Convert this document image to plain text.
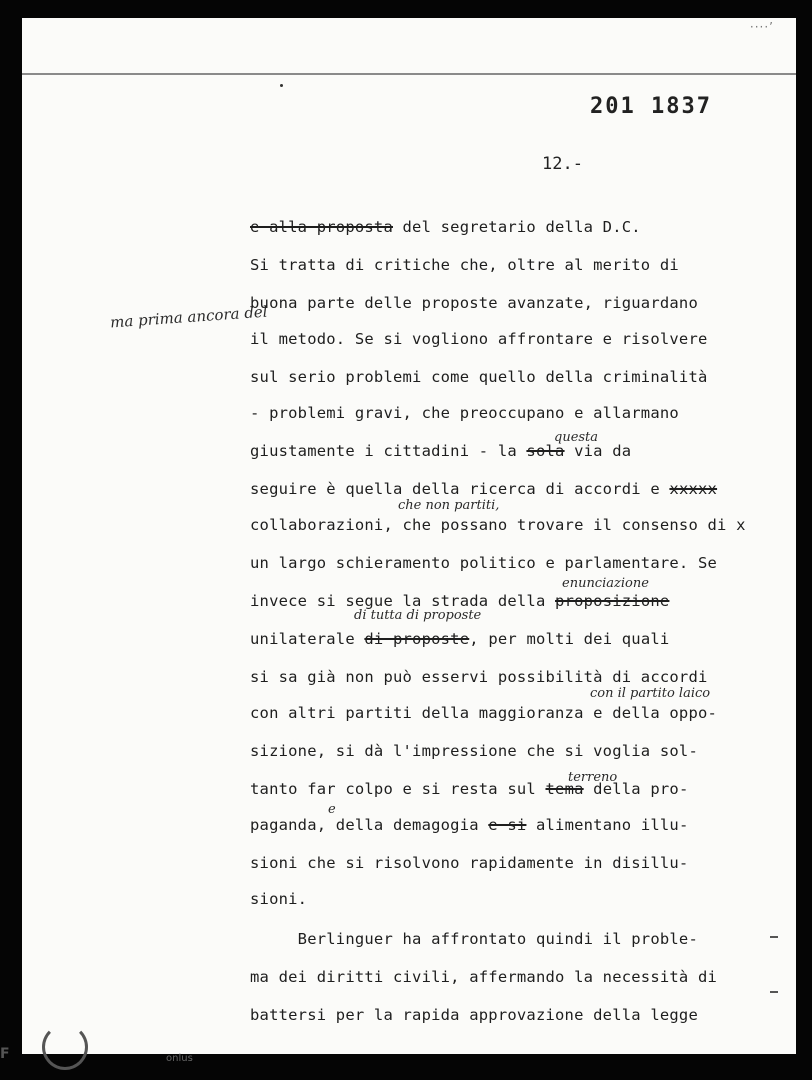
····’
201 1837
12.-
ma prima ancora del
e alla proposta del segretario della D.C.
Si tratta di critiche che, oltre al merito di
buona parte delle proposte avanzate, riguardano
il metodo. Se si vogliono affrontare e risolvere
sul serio problemi come quello della criminalità
- problemi gravi, che preoccupano e allarmano
giustamente i cittadini - la sola via da
seguire è quella della ricerca di accordi e xxxxx
collaborazioni, che possano trovare il consenso di x
un largo schieramento politico e parlamentare. Se
invece si segue la strada della proposizione
unilaterale di proposte, per molti dei quali
si sa già non può esservi possibilità di accordi
con altri partiti della maggioranza e della oppo-
sizione, si dà l'impressione che si voglia sol-
tanto far colpo e si resta sul tema della pro-
paganda, della demagogia e si alimentano illu-
sioni che si risolvono rapidamente in disillu-
sioni.
Berlinguer ha affrontato quindi il proble-
ma dei diritti civili, affermando la necessità di
battersi per la rapida approvazione della legge
questa
che non partiti,
enunciazione
di tutta di proposte
con il partito laico
terreno
e
F	onlus
